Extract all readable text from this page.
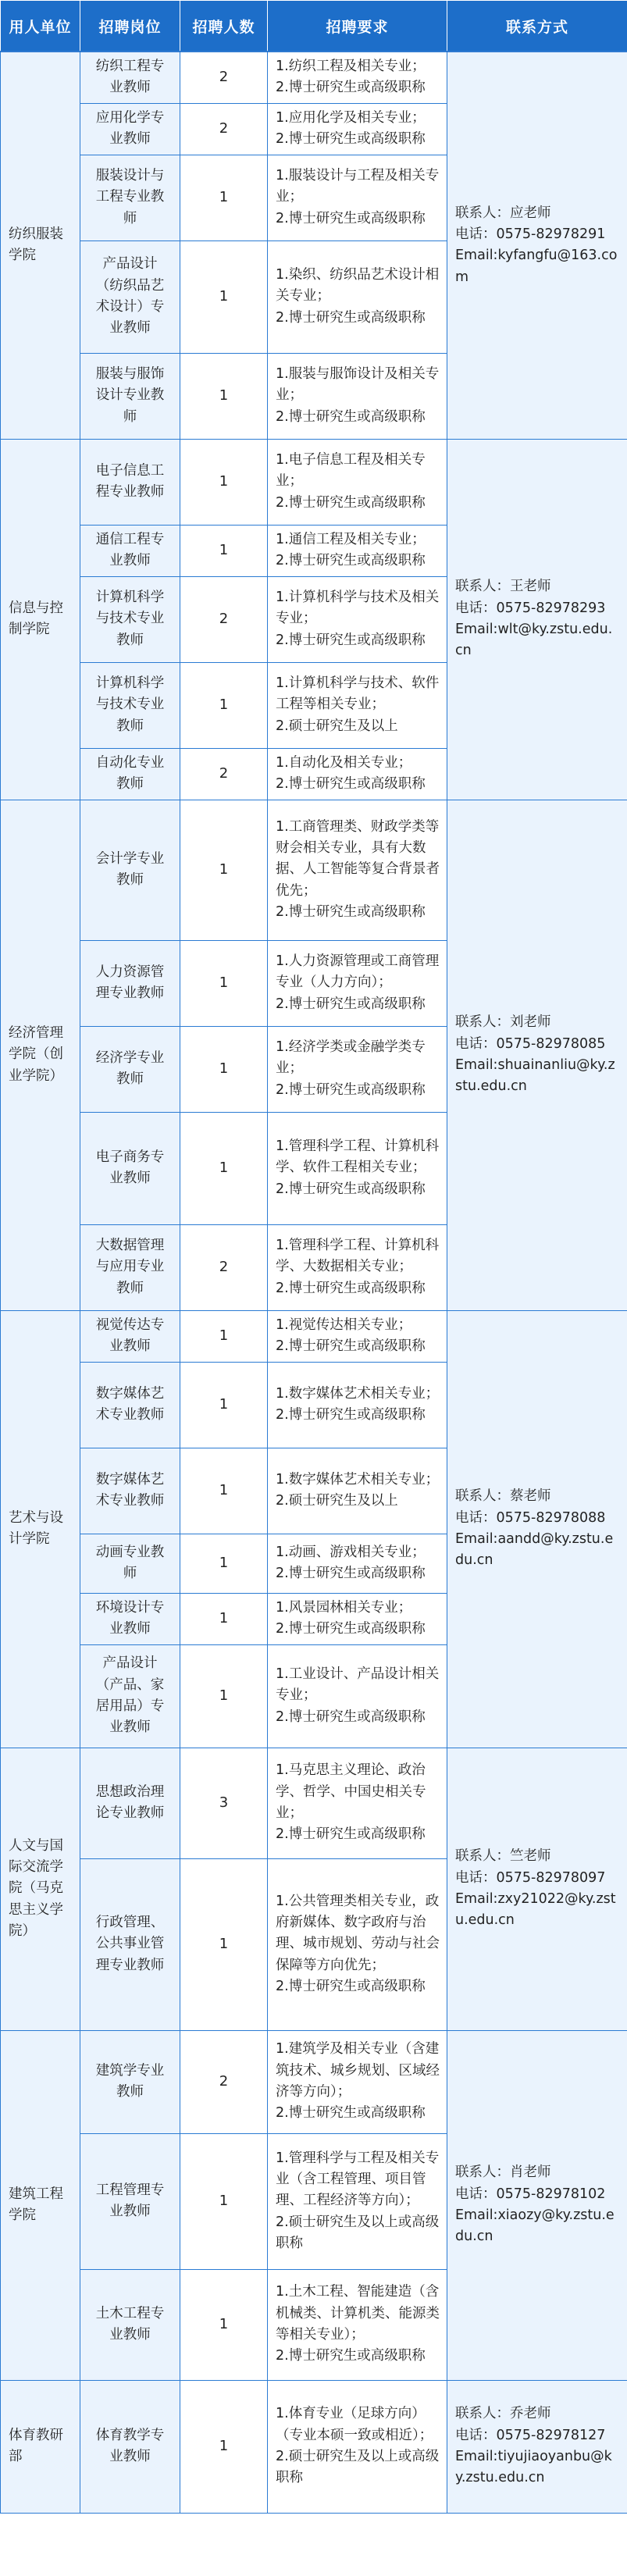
用人单位	招聘岗位	招聘人数	招聘要求	联系方式
纺织服装学院	纺织工程专业教师	2	1.纺织工程及相关专业；
2.博士研究生或高级职称	联系人：应老师
电话：0575-82978291
Email:kyfangfu@163.com

	应用化学专业教师	2	1.应用化学及相关专业；
2.博士研究生或高级职称	

	服装设计与工程专业教师	1	1.服装设计与工程及相关专业；
2.博士研究生或高级职称	

	产品设计（纺织品艺术设计）专业教师	1	1.染织、纺织品艺术设计相关专业；
2.博士研究生或高级职称	

	服装与服饰设计专业教师	1	1.服装与服饰设计及相关专业；
2.博士研究生或高级职称	

信息与控制学院	电子信息工程专业教师	1	1.电子信息工程及相关专业；
2.博士研究生或高级职称	联系人：王老师
电话：0575-82978293
Email:wlt@ky.zstu.edu.cn

	通信工程专业教师	1	1.通信工程及相关专业；
2.博士研究生或高级职称	

	计算机科学与技术专业教师	2	1.计算机科学与技术及相关专业；
2.博士研究生或高级职称	

	计算机科学与技术专业教师	1	1.计算机科学与技术、软件工程等相关专业；
2.硕士研究生及以上	

	自动化专业教师	2	1.自动化及相关专业；
2.博士研究生或高级职称	

经济管理学院（创业学院）	会计学专业教师	1	1.工商管理类、财政学类等财会相关专业，具有大数据、人工智能等复合背景者优先；
2.博士研究生或高级职称	联系人：刘老师
电话：0575-82978085
Email:shuainanliu@ky.zstu.edu.cn

	人力资源管理专业教师	1	1.人力资源管理或工商管理专业（人力方向）；
2.博士研究生或高级职称	

	经济学专业教师	1	1.经济学类或金融学类专业；
2.博士研究生或高级职称	

	电子商务专业教师	1	1.管理科学工程、计算机科学、软件工程相关专业；
2.博士研究生或高级职称	

	大数据管理与应用专业教师	2	1.管理科学工程、计算机科学、大数据相关专业；
2.博士研究生或高级职称	

艺术与设计学院	视觉传达专业教师	1	1.视觉传达相关专业；
2.博士研究生或高级职称	联系人：蔡老师
电话：0575-82978088
Email:aandd@ky.zstu.edu.cn

	数字媒体艺术专业教师	1	1.数字媒体艺术相关专业；
2.博士研究生或高级职称	

	数字媒体艺术专业教师	1	1.数字媒体艺术相关专业；
2.硕士研究生及以上	

	动画专业教师	1	1.动画、游戏相关专业；
2.博士研究生或高级职称	

	环境设计专业教师	1	1.风景园林相关专业；
2.博士研究生或高级职称	

	产品设计（产品、家居用品）专业教师	1	1.工业设计、产品设计相关专业；
2.博士研究生或高级职称	

人文与国际交流学院（马克思主义学院）	思想政治理论专业教师	3	1.马克思主义理论、政治学、哲学、中国史相关专业；
2.博士研究生或高级职称	联系人：竺老师
电话：0575-82978097
Email:zxy21022@ky.zstu.edu.cn

	行政管理、公共事业管理专业教师	1	1.公共管理类相关专业，政府新媒体、数字政府与治理、城市规划、劳动与社会保障等方向优先；
2.博士研究生或高级职称	

建筑工程学院	建筑学专业教师	2	1.建筑学及相关专业（含建筑技术、城乡规划、区域经济等方向）；
2.博士研究生或高级职称	联系人：肖老师
电话：0575-82978102
Email:xiaozy@ky.zstu.edu.cn

	工程管理专业教师	1	1.管理科学与工程及相关专业（含工程管理、项目管理、工程经济等方向）；
2.硕士研究生及以上或高级职称	

	土木工程专业教师	1	1.土木工程、智能建造（含机械类、计算机类、能源类等相关专业）；
2.博士研究生或高级职称	

体育教研部	体育教学专业教师	1	1.体育专业（足球方向）（专业本硕一致或相近）；
2.硕士研究生及以上或高级职称	联系人：乔老师
电话：0575-82978127
Email:tiyujiaoyanbu@ky.zstu.edu.cn
